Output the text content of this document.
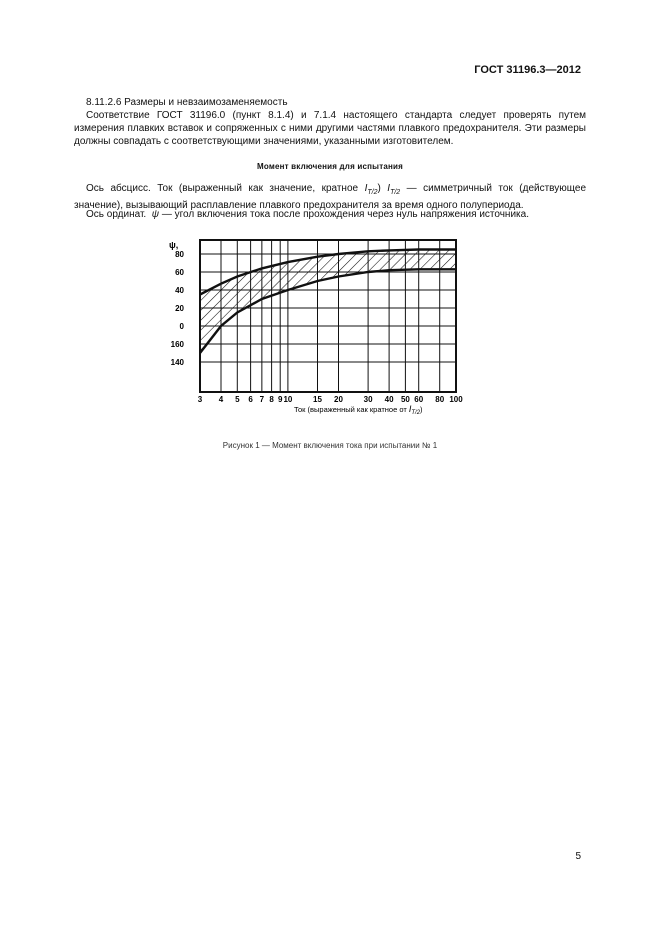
ГОСТ 31196.3—2012
8.11.2.6 Размеры и невзаимозаменяемость
Соответствие ГОСТ 31196.0 (пункт 8.1.4) и 7.1.4 настоящего стандарта следует проверять путем измерения плавких вставок и сопряженных с ними другими частями плавкого предохранителя. Эти размеры должны совпадать с соответствующими значениями, указанными изготовителем.
Момент включения для испытания
Ось абсцисс. Ток (выраженный как значение, кратное $I_{T/2}$) $I_{T/2}$ — симметричный ток (действующее значение), вызывающий расплавление плавкого предохранителя за время одного полупериода.
Ось ординат. ψ — угол включения тока после прохождения через нуль напряжения источника.
80
60
40
20
0
160
140
3 4 5 6 7 8 9 10	15 20	30 40 50 60 80 100
ψ,
Ток (выраженный как кратное от $I_{T/2}$)
Рисунок 1 — Момент включения тока при испытании № 1
5
